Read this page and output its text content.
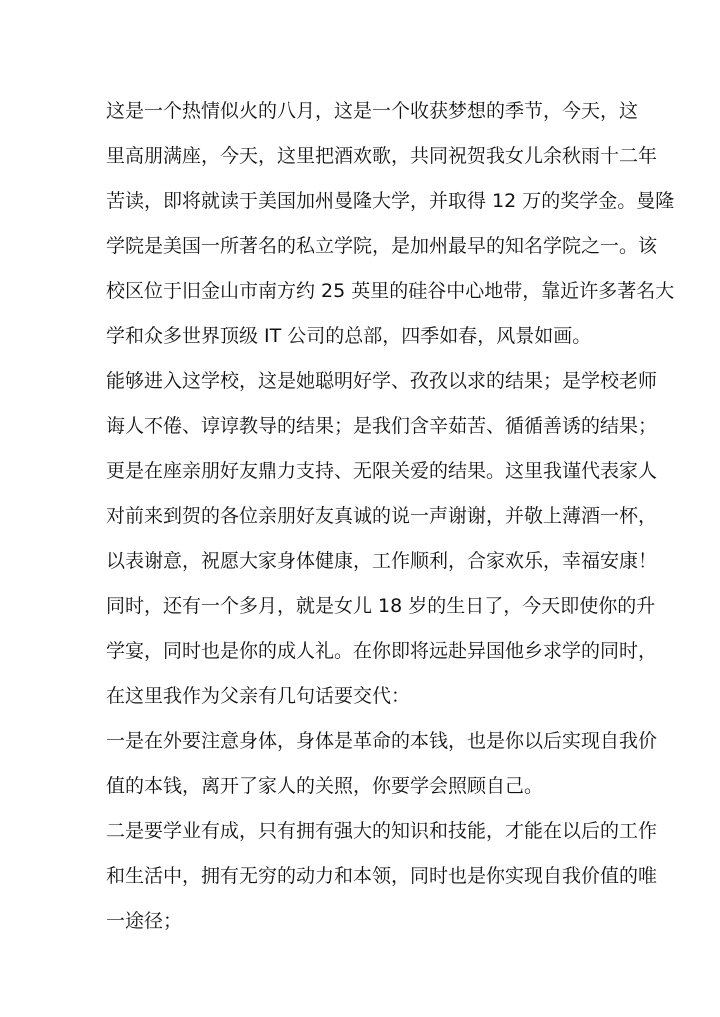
这是一个热情似火的八月，这是一个收获梦想的季节，今天，这
里高朋满座，今天，这里把酒欢歌，共同祝贺我女儿余秋雨十二年
苦读，即将就读于美国加州曼隆大学，并取得 12 万的奖学金。曼隆
学院是美国一所著名的私立学院，是加州最早的知名学院之一。该
校区位于旧金山市南方约 25 英里的硅谷中心地带，靠近许多著名大
学和众多世界顶级 IT 公司的总部，四季如春，风景如画。
能够进入这学校，这是她聪明好学、孜孜以求的结果；是学校老师
诲人不倦、谆谆教导的结果；是我们含辛茹苦、循循善诱的结果；
更是在座亲朋好友鼎力支持、无限关爱的结果。这里我谨代表家人
对前来到贺的各位亲朋好友真诚的说一声谢谢，并敬上薄酒一杯，
以表谢意，祝愿大家身体健康，工作顺利，合家欢乐，幸福安康！
同时，还有一个多月，就是女儿 18 岁的生日了，今天即使你的升
学宴，同时也是你的成人礼。在你即将远赴异国他乡求学的同时，
在这里我作为父亲有几句话要交代：
一是在外要注意身体，身体是革命的本钱，也是你以后实现自我价
值的本钱，离开了家人的关照，你要学会照顾自己。
二是要学业有成，只有拥有强大的知识和技能，才能在以后的工作
和生活中，拥有无穷的动力和本领，同时也是你实现自我价值的唯
一途径；
